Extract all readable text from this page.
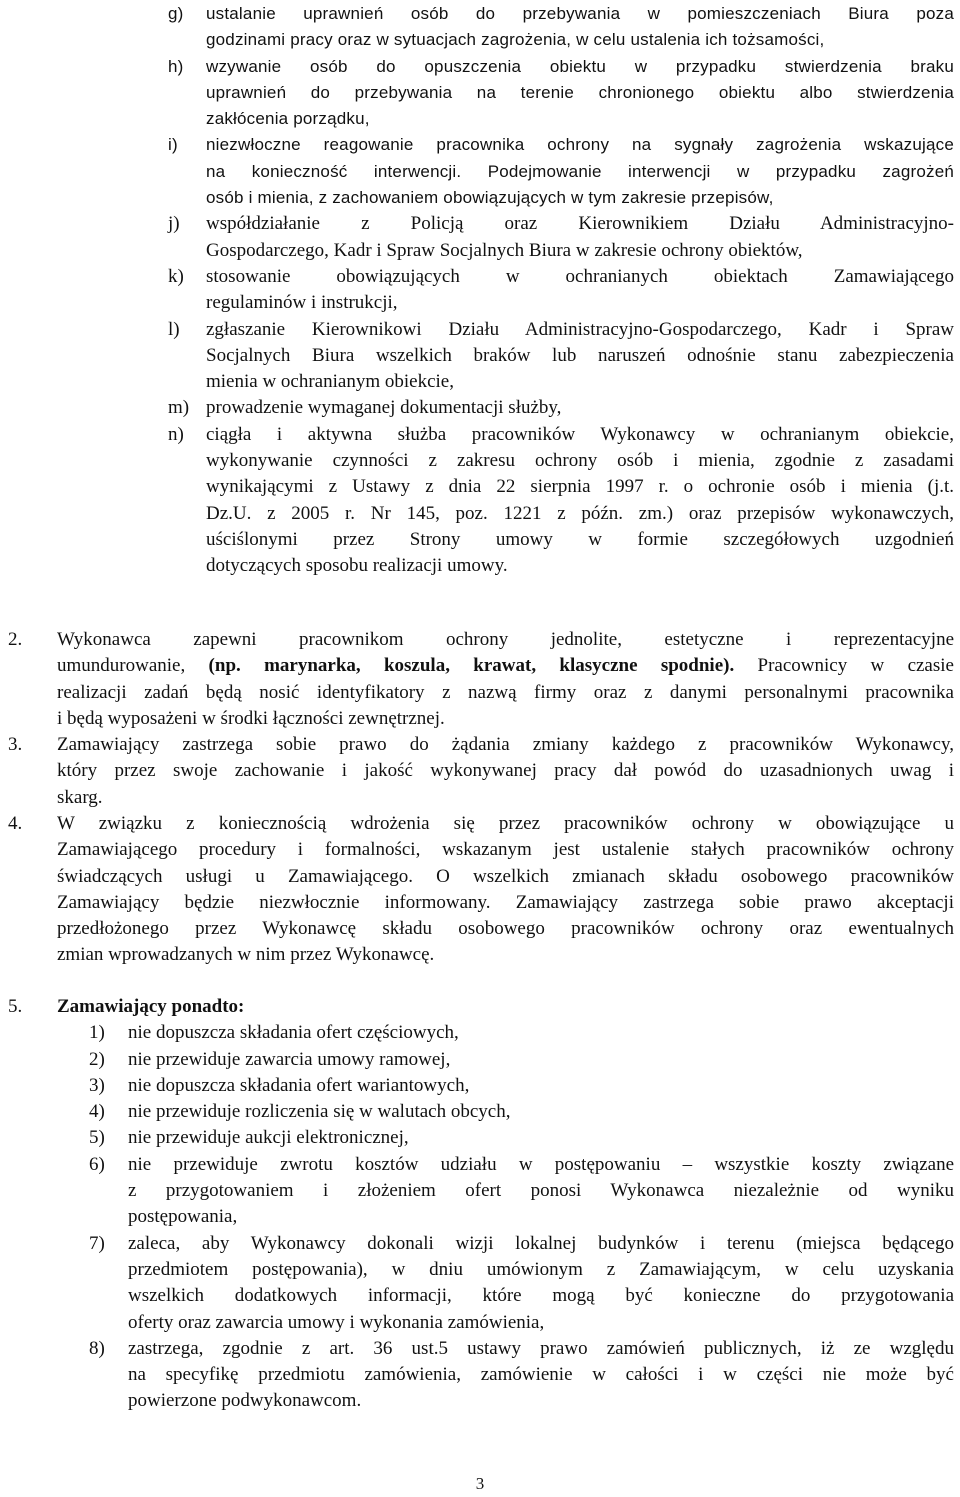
g) ustalanie uprawnień osób do przebywania w pomieszczeniach Biura poza
godzinami pracy oraz w sytuacjach zagrożenia, w celu ustalenia ich tożsamości,
h) wzywanie osób do opuszczenia obiektu w przypadku stwierdzenia braku
uprawnień do przebywania na terenie chronionego obiektu albo stwierdzenia
zakłócenia porządku,
i) niezwłoczne reagowanie pracownika ochrony na sygnały zagrożenia wskazujące
na konieczność interwencji. Podejmowanie interwencji w przypadku zagrożeń
osób i mienia, z zachowaniem obowiązujących w tym zakresie przepisów,
j) współdziałanie z Policją oraz Kierownikiem Działu Administracyjno-
Gospodarczego, Kadr i Spraw Socjalnych Biura w zakresie ochrony obiektów,
k) stosowanie obowiązujących w ochranianych obiektach Zamawiającego
regulaminów i instrukcji,
l) zgłaszanie Kierownikowi Działu Administracyjno-Gospodarczego, Kadr i Spraw
Socjalnych Biura wszelkich braków lub naruszeń odnośnie stanu zabezpieczenia
mienia w ochranianym obiekcie,
m) prowadzenie wymaganej dokumentacji służby,
n) ciągła i aktywna służba pracowników Wykonawcy w ochranianym obiekcie,
wykonywanie czynności z zakresu ochrony osób i mienia, zgodnie z zasadami
wynikającymi z Ustawy z dnia 22 sierpnia 1997 r. o ochronie osób i mienia (j.t.
Dz.U. z 2005 r. Nr 145, poz. 1221 z późn. zm.) oraz przepisów wykonawczych,
uściślonymi przez Strony umowy w formie szczegółowych uzgodnień
dotyczących sposobu realizacji umowy.
2. Wykonawca zapewni pracownikom ochrony jednolite, estetyczne i reprezentacyjne
umundurowanie, (np. marynarka, koszula, krawat, klasyczne spodnie). Pracownicy w czasie
realizacji zadań będą nosić identyfikatory z nazwą firmy oraz z danymi personalnymi pracownika
i będą wyposażeni w środki łączności zewnętrznej.
3. Zamawiający zastrzega sobie prawo do żądania zmiany każdego z pracowników Wykonawcy,
który przez swoje zachowanie i jakość wykonywanej pracy dał powód do uzasadnionych uwag i
skarg.
4. W związku z koniecznością wdrożenia się przez pracowników ochrony w obowiązujące u
Zamawiającego procedury i formalności, wskazanym jest ustalenie stałych pracowników ochrony
świadczących usługi u Zamawiającego. O wszelkich zmianach składu osobowego pracowników
Zamawiający będzie niezwłocznie informowany. Zamawiający zastrzega sobie prawo akceptacji
przedłożonego przez Wykonawcę składu osobowego pracowników ochrony oraz ewentualnych
zmian wprowadzanych w nim przez Wykonawcę.
5. Zamawiający ponadto:
1) nie dopuszcza składania ofert częściowych,
2) nie przewiduje zawarcia umowy ramowej,
3) nie dopuszcza składania ofert wariantowych,
4) nie przewiduje rozliczenia się w walutach obcych,
5) nie przewiduje aukcji elektronicznej,
6) nie przewiduje zwrotu kosztów udziału w postępowaniu – wszystkie koszty związane
z przygotowaniem i złożeniem ofert ponosi Wykonawca niezależnie od wyniku
postępowania,
7) zaleca, aby Wykonawcy dokonali wizji lokalnej budynków i terenu (miejsca będącego
przedmiotem postępowania), w dniu umówionym z Zamawiającym, w celu uzyskania
wszelkich dodatkowych informacji, które mogą być konieczne do przygotowania
oferty oraz zawarcia umowy i wykonania zamówienia,
8) zastrzega, zgodnie z art. 36 ust.5 ustawy prawo zamówień publicznych, iż ze względu
na specyfikę przedmiotu zamówienia, zamówienie w całości i w części nie może być
powierzone podwykonawcom.
3
